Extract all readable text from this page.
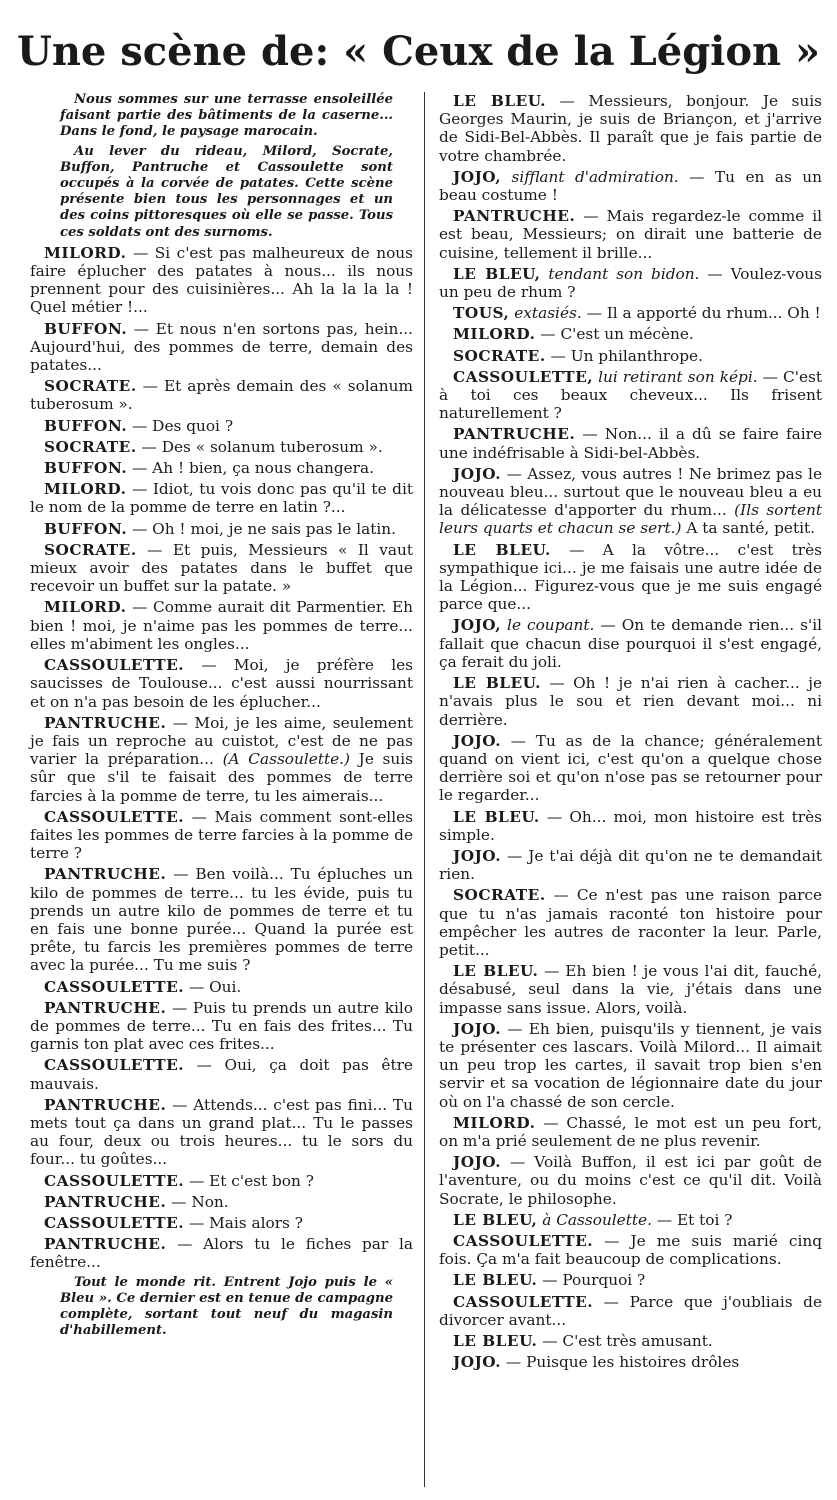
Une scène de: « Ceux de la Légion »

Nous sommes sur une terrasse ensoleillée faisant partie des bâtiments de la caserne... Dans le fond, le paysage marocain.

Au lever du rideau, Milord, Socrate, Buffon, Pantruche et Cassoulette sont occupés à la corvée de patates. Cette scène présente bien tous les personnages et un des coins pittoresques où elle se passe. Tous ces soldats ont des surnoms.

MILORD. — Si c'est pas malheureux de nous faire éplucher des patates à nous... ils nous prennent pour des cuisinières... Ah la la la la ! Quel métier !...

BUFFON. — Et nous n'en sortons pas, hein... Aujourd'hui, des pommes de terre, demain des patates...

SOCRATE. — Et après demain des « solanum tuberosum ».

BUFFON. — Des quoi ?

SOCRATE. — Des « solanum tuberosum ».

BUFFON. — Ah ! bien, ça nous changera.

MILORD. — Idiot, tu vois donc pas qu'il te dit le nom de la pomme de terre en latin ?...

BUFFON. — Oh ! moi, je ne sais pas le latin.

SOCRATE. — Et puis, Messieurs « Il vaut mieux avoir des patates dans le buffet que recevoir un buffet sur la patate. »

MILORD. — Comme aurait dit Parmentier. Eh bien ! moi, je n'aime pas les pommes de terre... elles m'abiment les ongles...

CASSOULETTE. — Moi, je préfère les saucisses de Toulouse... c'est aussi nourrissant et on n'a pas besoin de les éplucher...

PANTRUCHE. — Moi, je les aime, seulement je fais un reproche au cuistot, c'est de ne pas varier la préparation... (A Cassoulette.) Je suis sûr que s'il te faisait des pommes de terre farcies à la pomme de terre, tu les aimerais...

CASSOULETTE. — Mais comment sont-elles faites les pommes de terre farcies à la pomme de terre ?

PANTRUCHE. — Ben voilà... Tu épluches un kilo de pommes de terre... tu les évide, puis tu prends un autre kilo de pommes de terre et tu en fais une bonne purée... Quand la purée est prête, tu farcis les premières pommes de terre avec la purée... Tu me suis ?

CASSOULETTE. — Oui.

PANTRUCHE. — Puis tu prends un autre kilo de pommes de terre... Tu en fais des frites... Tu garnis ton plat avec ces frites...

CASSOULETTE. — Oui, ça doit pas être mauvais.

PANTRUCHE. — Attends... c'est pas fini... Tu mets tout ça dans un grand plat... Tu le passes au four, deux ou trois heures... tu le sors du four... tu goûtes...

CASSOULETTE. — Et c'est bon ?

PANTRUCHE. — Non.

CASSOULETTE. — Mais alors ?

PANTRUCHE. — Alors tu le fiches par la fenêtre...

Tout le monde rit. Entrent Jojo puis le « Bleu ». Ce dernier est en tenue de campagne complète, sortant tout neuf du magasin d'habillement.

LE BLEU. — Messieurs, bonjour. Je suis Georges Maurin, je suis de Briançon, et j'arrive de Sidi-Bel-Abbès. Il paraît que je fais partie de votre chambrée.

JOJO, sifflant d'admiration. — Tu en as un beau costume !

PANTRUCHE. — Mais regardez-le comme il est beau, Messieurs; on dirait une batterie de cuisine, tellement il brille...

LE BLEU, tendant son bidon. — Voulez-vous un peu de rhum ?

TOUS, extasiés. — Il a apporté du rhum... Oh !

MILORD. — C'est un mécène.

SOCRATE. — Un philanthrope.

CASSOULETTE, lui retirant son képi. — C'est à toi ces beaux cheveux... Ils frisent naturellement ?

PANTRUCHE. — Non... il a dû se faire faire une indéfrisable à Sidi-bel-Abbès.

JOJO. — Assez, vous autres ! Ne brimez pas le nouveau bleu... surtout que le nouveau bleu a eu la délicatesse d'apporter du rhum... (Ils sortent leurs quarts et chacun se sert.) A ta santé, petit.

LE BLEU. — A la vôtre... c'est très sympathique ici... je me faisais une autre idée de la Légion... Figurez-vous que je me suis engagé parce que...

JOJO, le coupant. — On te demande rien... s'il fallait que chacun dise pourquoi il s'est engagé, ça ferait du joli.

LE BLEU. — Oh ! je n'ai rien à cacher... je n'avais plus le sou et rien devant moi... ni derrière.

JOJO. — Tu as de la chance; généralement quand on vient ici, c'est qu'on a quelque chose derrière soi et qu'on n'ose pas se retourner pour le regarder...

LE BLEU. — Oh... moi, mon histoire est très simple.

JOJO. — Je t'ai déjà dit qu'on ne te demandait rien.

SOCRATE. — Ce n'est pas une raison parce que tu n'as jamais raconté ton histoire pour empêcher les autres de raconter la leur. Parle, petit...

LE BLEU. — Eh bien ! je vous l'ai dit, fauché, désabusé, seul dans la vie, j'étais dans une impasse sans issue. Alors, voilà.

JOJO. — Eh bien, puisqu'ils y tiennent, je vais te présenter ces lascars. Voilà Milord... Il aimait un peu trop les cartes, il savait trop bien s'en servir et sa vocation de légionnaire date du jour où on l'a chassé de son cercle.

MILORD. — Chassé, le mot est un peu fort, on m'a prié seulement de ne plus revenir.

JOJO. — Voilà Buffon, il est ici par goût de l'aventure, ou du moins c'est ce qu'il dit. Voilà Socrate, le philosophe.

LE BLEU, à Cassoulette. — Et toi ?

CASSOULETTE. — Je me suis marié cinq fois. Ça m'a fait beaucoup de complications.

LE BLEU. — Pourquoi ?

CASSOULETTE. — Parce que j'oubliais de divorcer avant...

LE BLEU. — C'est très amusant.

JOJO. — Puisque les histoires drôles
